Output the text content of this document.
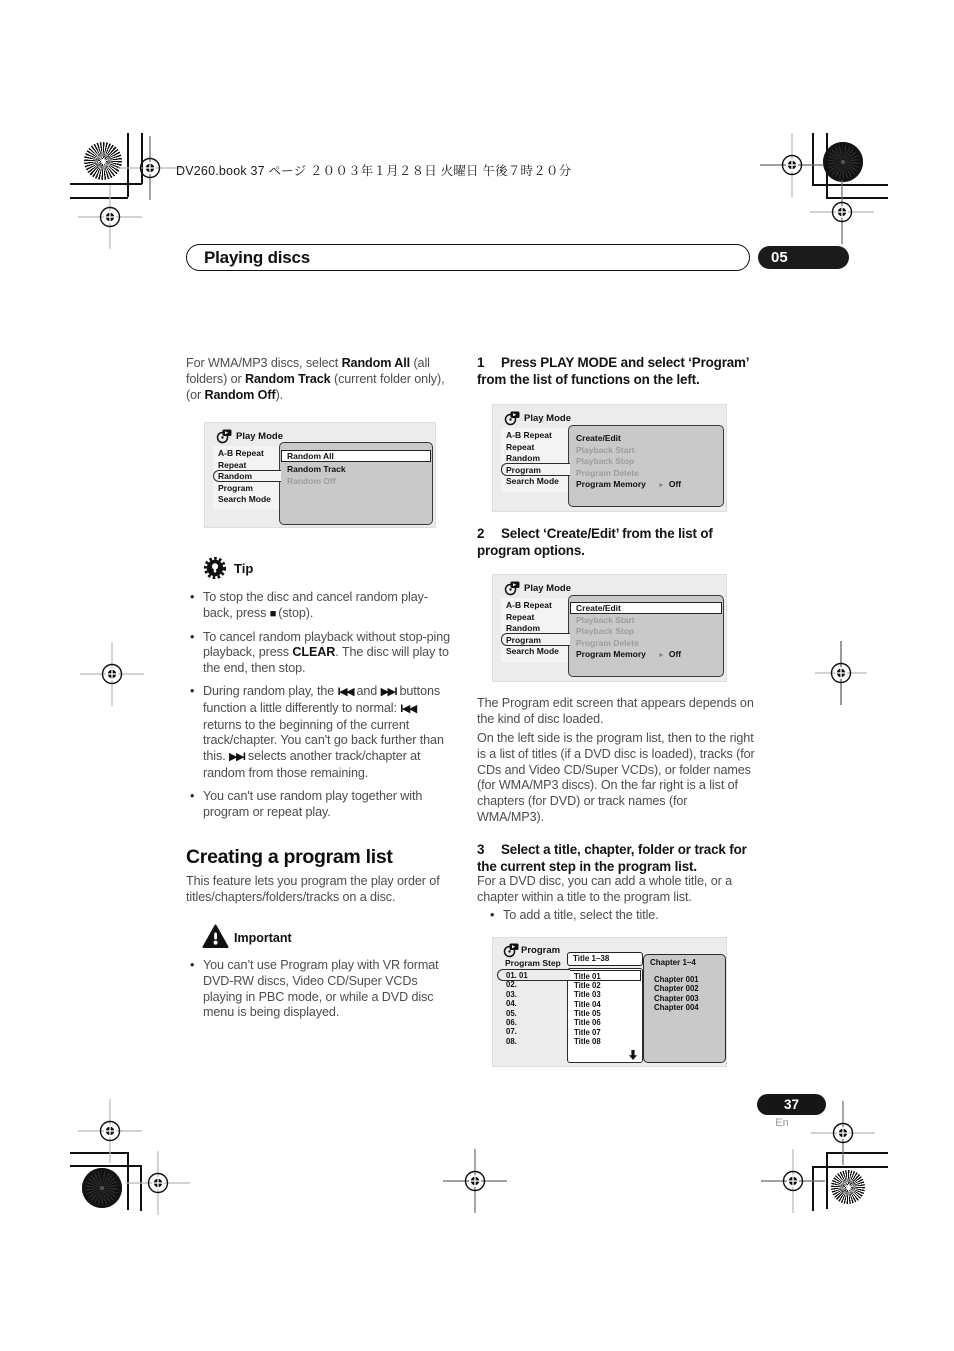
DV260.book 37 ページ ２００３年１月２８日 火曜日 午後７時２０分
Playing discs	05
For WMA/MP3 discs, select Random All (all folders) or Random Track (current folder only), (or Random Off).
Play Mode
A-B Repeat
Repeat
Random
Program
Search Mode
Random All
Random Track
Random Off
Tip
• To stop the disc and cancel random play-back, press ■ (stop).
• To cancel random playback without stop-ping playback, press CLEAR. The disc will play to the end, then stop.
• During random play, the I◀◀ and ▶▶I buttons function a little differently to normal: I◀◀ returns to the beginning of the current track/chapter. You can't go back further than this. ▶▶I selects another track/chapter at random from those remaining.
• You can't use random play together with program or repeat play.
Creating a program list
This feature lets you program the play order of titles/chapters/folders/tracks on a disc.
Important
• You can’t use Program play with VR format DVD-RW discs, Video CD/Super VCDs playing in PBC mode, or while a DVD disc menu is being displayed.
1 Press PLAY MODE and select ‘Program’ from the list of functions on the left.
Play Mode
A-B Repeat
Repeat
Random
Program
Search Mode
Create/Edit
Playback Start
Playback Stop
Program Delete
Program Memory ► Off
2 Select ‘Create/Edit’ from the list of program options.
Play Mode
A-B Repeat
Repeat
Random
Program
Search Mode
Create/Edit
Playback Start
Playback Stop
Program Delete
Program Memory ► Off
The Program edit screen that appears depends on the kind of disc loaded.
On the left side is the program list, then to the right is a list of titles (if a DVD disc is loaded), tracks (for CDs and Video CD/Super VCDs), or folder names (for WMA/MP3 discs). On the far right is a list of chapters (for DVD) or track names (for WMA/MP3).
3 Select a title, chapter, folder or track for the current step in the program list.
For a DVD disc, you can add a whole title, or a chapter within a title to the program list.
• To add a title, select the title.
Program
Program Step
01. 01
02.
03.
04.
05.
06.
07.
08.
Title 1–38
Title 01
Title 02
Title 03
Title 04
Title 05
Title 06
Title 07
Title 08
Chapter 1–4
Chapter 001
Chapter 002
Chapter 003
Chapter 004
37
En
